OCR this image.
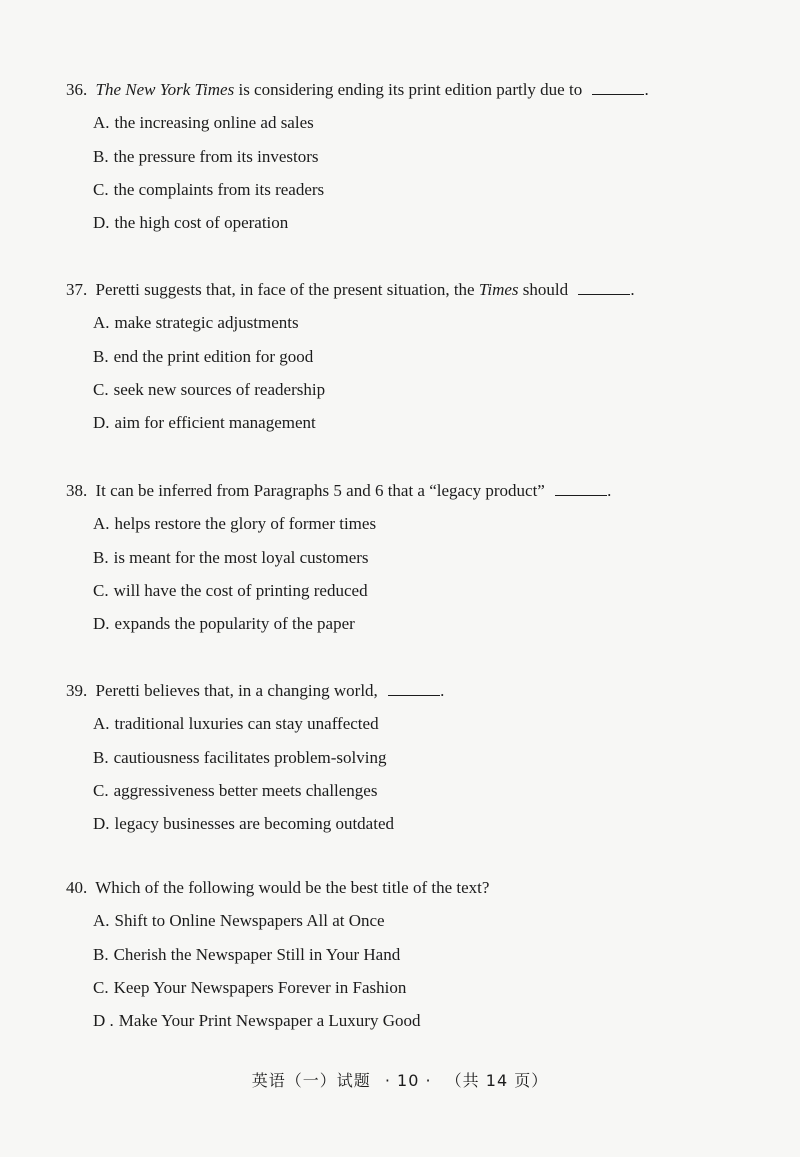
36. The New York Times is considering ending its print edition partly due to	.
A. the increasing online ad sales
B. the pressure from its investors
C. the complaints from its readers
D. the high cost of operation
37. Peretti suggests that, in face of the present situation, the Times should	.
A. make strategic adjustments
B. end the print edition for good
C. seek new sources of readership
D. aim for efficient management
38. It can be inferred from Paragraphs 5 and 6 that a “legacy product”	.
A. helps restore the glory of former times
B. is meant for the most loyal customers
C. will have the cost of printing reduced
D. expands the popularity of the paper
39. Peretti believes that, in a changing world,	.
A. traditional luxuries can stay unaffected
B. cautiousness facilitates problem-solving
C. aggressiveness better meets challenges
D. legacy businesses are becoming outdated
40. Which of the following would be the best title of the text?
A. Shift to Online Newspapers All at Once
B. Cherish the Newspaper Still in Your Hand
C. Keep Your Newspapers Forever in Fashion
D . Make Your Print Newspaper a Luxury Good
英语（一）试题 · 10 · （共 14 页）
